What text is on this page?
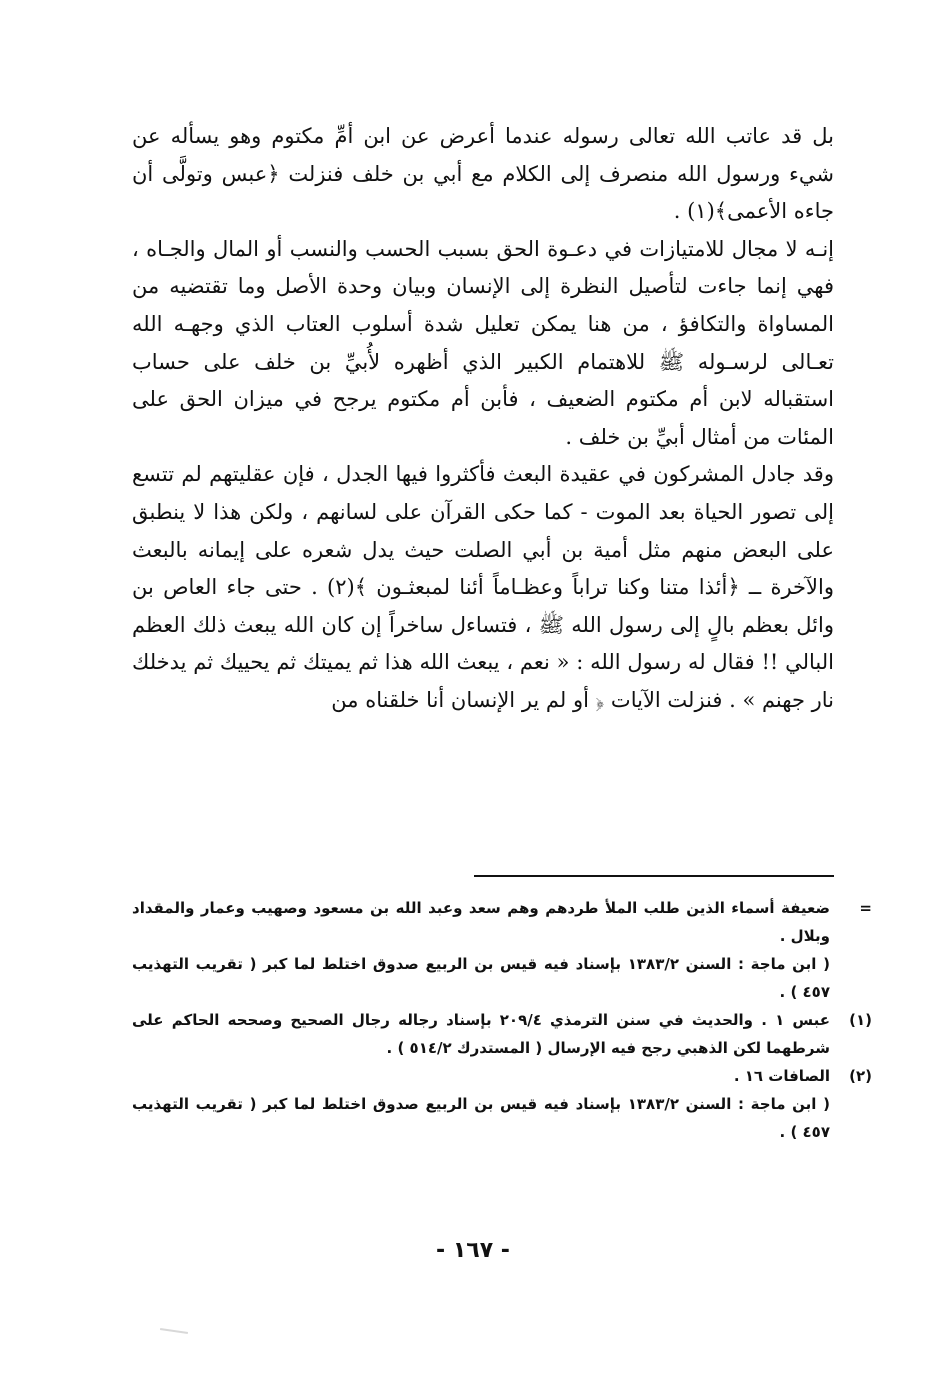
بل قد عاتب الله تعالى رسوله عندما أعرض عن ابن أمِّ مكتوم وهو يسأله عن شيء ورسول الله منصرف إلى الكلام مع أبي بن خلف فنزلت ﴿عبس وتولَّى أن جاءه الأعمى﴾(١) .

إنـه لا مجال للامتيازات في دعـوة الحق بسبب الحسب والنسب أو المال والجـاه ، فهي إنما جاءت لتأصيل النظرة إلى الإنسان وبيان وحدة الأصل وما تقتضيه من المساواة والتكافؤ ، من هنا يمكن تعليل شدة أسلوب العتاب الذي وجهـه الله تعـالى لرسـوله ﷺ للاهتمام الكبير الذي أظهره لأُبيِّ بن خلف على حساب استقباله لابن أم مكتوم الضعيف ، فأبن أم مكتوم يرجح في ميزان الحق على المئات من أمثال أبيِّ بن خلف .

وقد جادل المشركون في عقيدة البعث فأكثروا فيها الجدل ، فإن عقليتهم لم تتسع إلى تصور الحياة بعد الموت - كما حكى القرآن على لسانهم ، ولكن هذا لا ينطبق على البعض منهم مثل أمية بن أبي الصلت حيث يدل شعره على إيمانه بالبعث والآخرة ــ ﴿أئذا متنا وكنا تراباً وعظـاماً أئنا لمبعثـون ﴾(٢) . حتى جاء العاص بن وائل بعظم بالٍ إلى رسول الله ﷺ ، فتساءل ساخراً إن كان الله يبعث ذلك العظم البالي !! فقال له رسول الله : « نعم ، يبعث الله هذا ثم يميتك ثم يحييك ثم يدخلك نار جهنم » . فنزلت الآيات ﴿ أو لم ير الإنسان أنا خلقناه من

=
ضعيفة أسماء الذين طلب الملأ طردهم وهم سعد وعبد الله بن مسعود وصهيب وعمار والمقداد وبلال .
( ابن ماجة : السنن ١٣٨٣/٢ بإسناد فيه قيس بن الربيع صدوق اختلط لما كبر ( تقريب التهذيب ٤٥٧ ) .
(١)
عبس ١ . والحديث في سنن الترمذي ٢٠٩/٤ بإسناد رجاله رجال الصحيح وصححه الحاكم على شرطهما لكن الذهبي رجح فيه الإرسال ( المستدرك ٥١٤/٢ ) .
(٢)
الصافات ١٦ .
( ابن ماجة : السنن ١٣٨٣/٢ بإسناد فيه قيس بن الربيع صدوق اختلط لما كبر ( تقريب التهذيب ٤٥٧ ) .
- ١٦٧ -
